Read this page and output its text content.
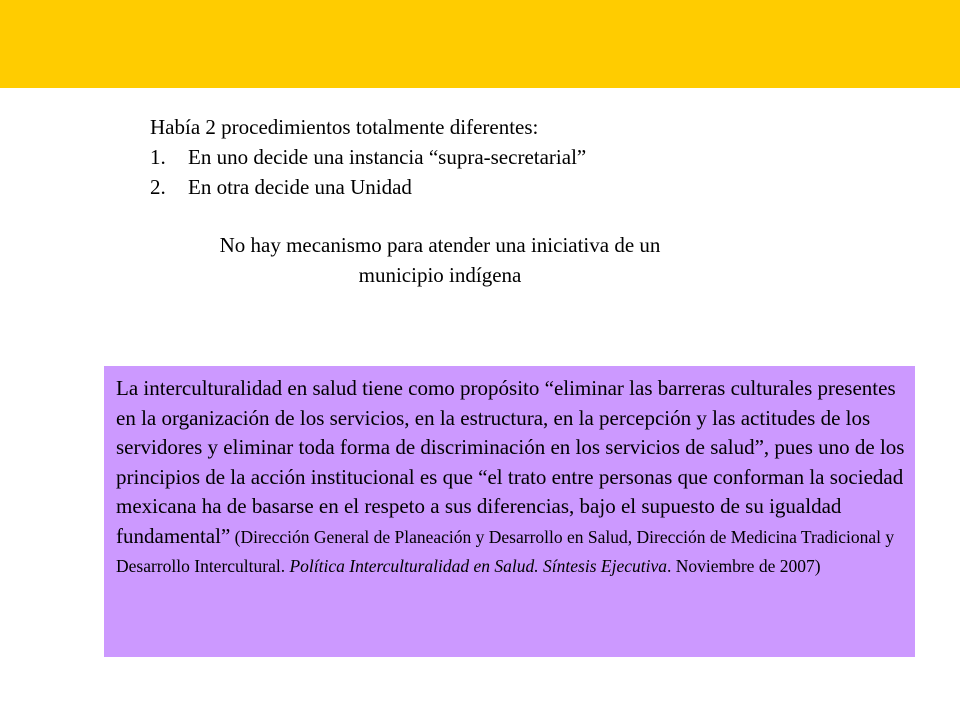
Había 2 procedimientos totalmente diferentes:

1.	En uno decide una instancia “supra-secretarial”
2.	En otra decide una Unidad
No hay mecanismo para atender una iniciativa de un
municipio indígena

La interculturalidad en salud tiene como propósito “eliminar las barreras culturales presentes en la organización de los servicios, en la estructura, en la percepción y las actitudes de los servidores y eliminar toda forma de discriminación en los servicios de salud”, pues uno de los principios de la acción institucional es que “el trato entre personas que conforman la sociedad mexicana ha de basarse en el respeto a sus diferencias, bajo el supuesto de su igualdad fundamental” (Dirección General de Planeación y Desarrollo en Salud, Dirección de Medicina Tradicional y Desarrollo Intercultural. Política Interculturalidad en Salud. Síntesis Ejecutiva. Noviembre de 2007)
